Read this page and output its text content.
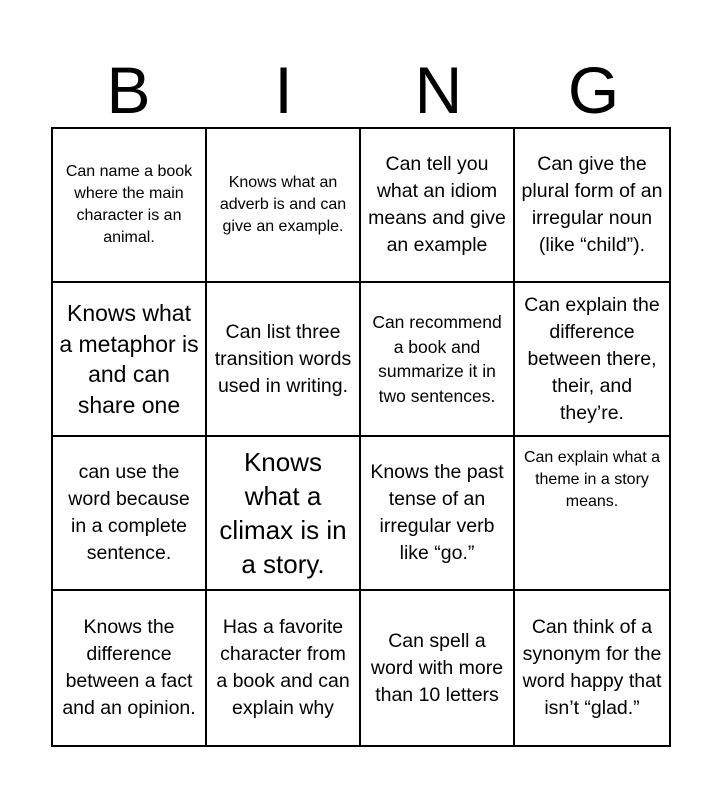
B	I	N	G
Can name a book where the main character is an animal.
Knows what an adverb is and can give an example.
Can tell you what an idiom means and give an example
Can give the plural form of an irregular noun (like “child”).
Knows what a metaphor is and can share one
Can list three transition words used in writing.
Can recommend a book and summarize it in two sentences.
Can explain the difference between there, their, and they’re.
can use the word because in a complete sentence.
Knows what a climax is in a story.
Knows the past tense of an irregular verb like “go.”
Can explain what a theme in a story means.
Knows the difference between a fact and an opinion.
Has a favorite character from a book and can explain why
Can spell a word with more than 10 letters
Can think of a synonym for the word happy that isn’t “glad.”
